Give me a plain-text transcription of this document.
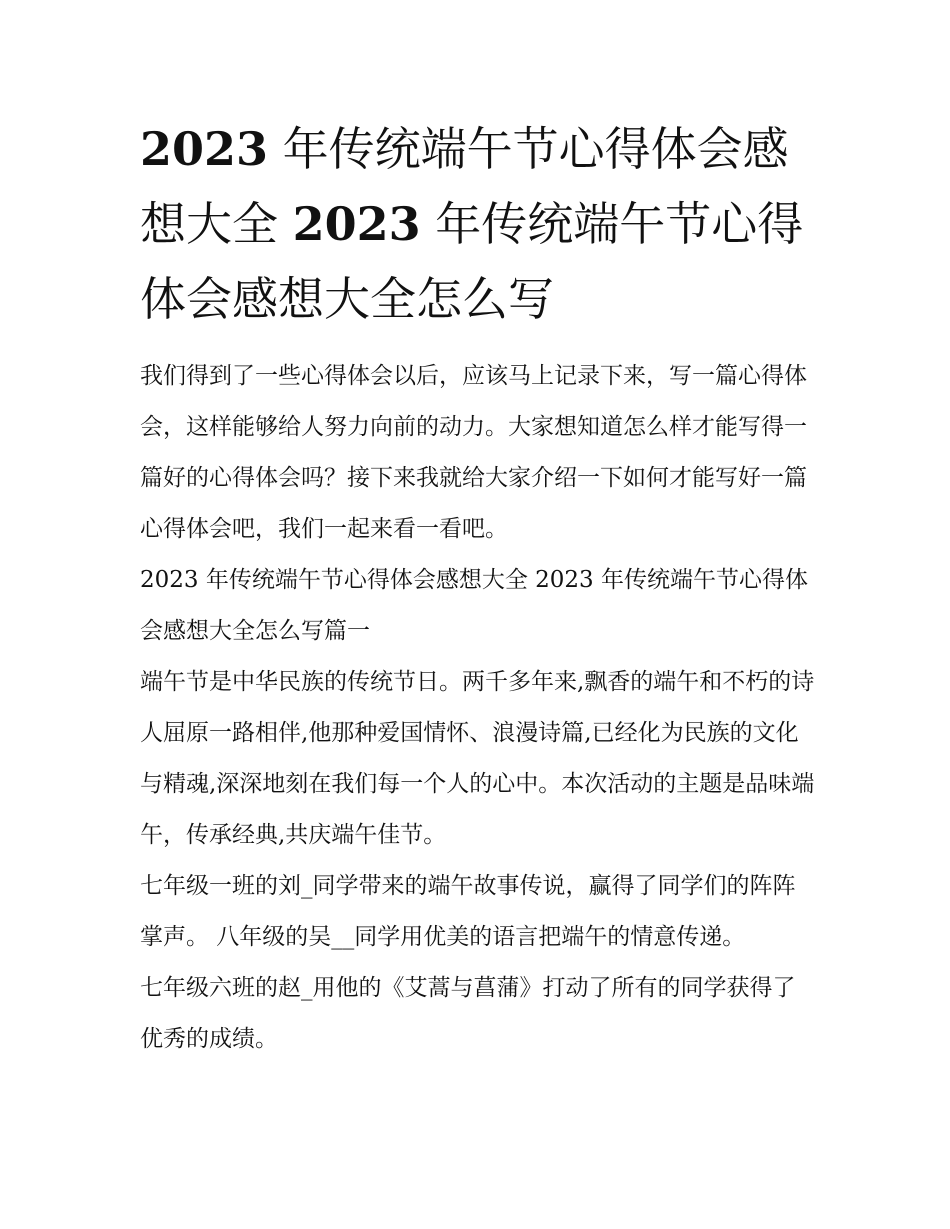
2023 年传统端午节心得体会感想大全 2023 年传统端午节心得体会感想大全怎么写

我们得到了一些心得体会以后，应该马上记录下来，写一篇心得体会，这样能够给人努力向前的动力。大家想知道怎么样才能写得一篇好的心得体会吗？接下来我就给大家介绍一下如何才能写好一篇心得体会吧，我们一起来看一看吧。

2023 年传统端午节心得体会感想大全 2023 年传统端午节心得体会感想大全怎么写篇一

端午节是中华民族的传统节日。两千多年来,飘香的端午和不朽的诗人屈原一路相伴,他那种爱国情怀、浪漫诗篇,已经化为民族的文化与精魂,深深地刻在我们每一个人的心中。本次活动的主题是品味端午，传承经典,共庆端午佳节。

七年级一班的刘_同学带来的端午故事传说，赢得了同学们的阵阵掌声。 八年级的吴__同学用优美的语言把端午的情意传递。

七年级六班的赵_用他的《艾蒿与菖蒲》打动了所有的同学获得了优秀的成绩。
